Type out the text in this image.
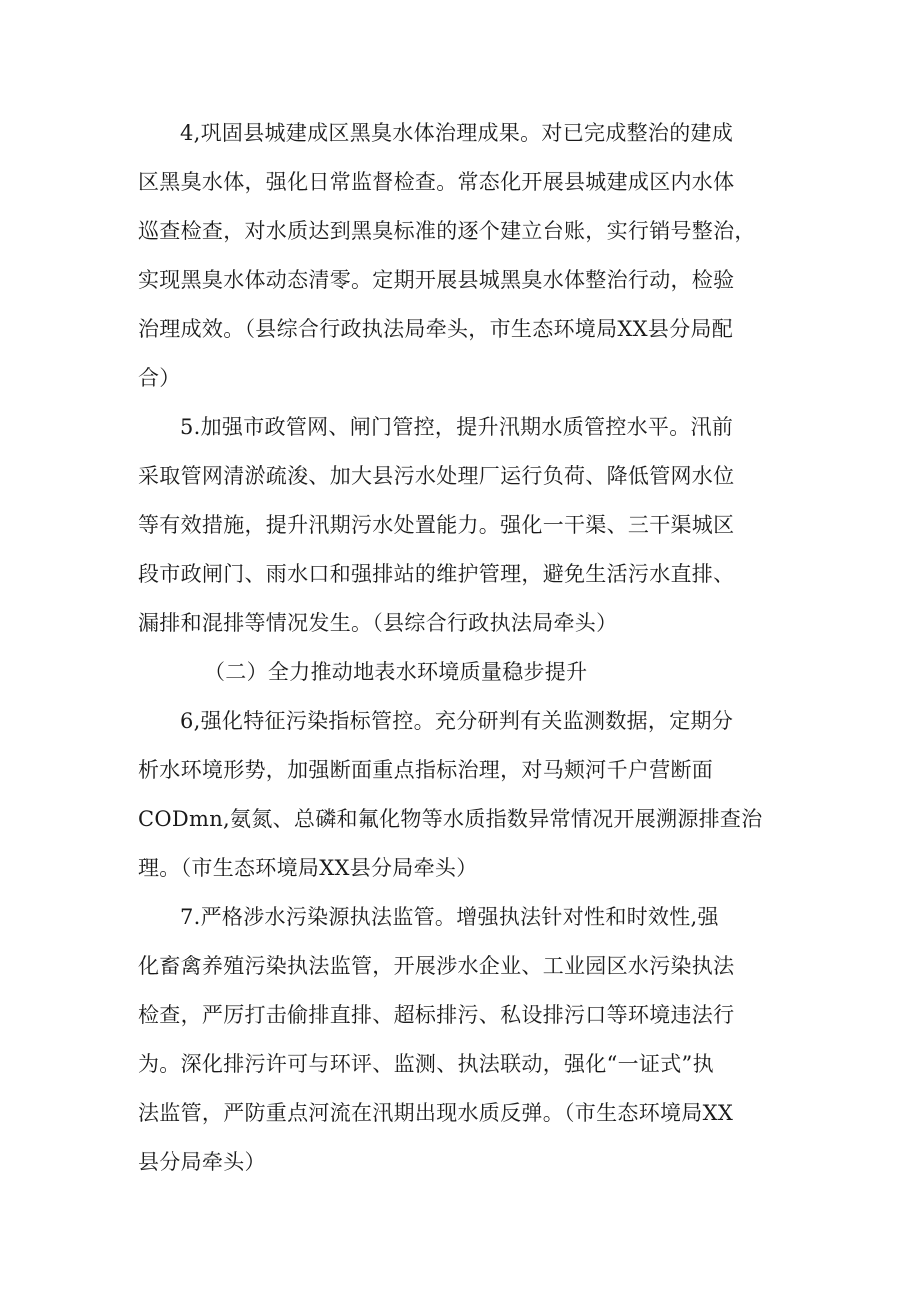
4,巩固县城建成区黑臭水体治理成果。对已完成整治的建成
区黑臭水体，强化日常监督检查。常态化开展县城建成区内水体
巡查检查，对水质达到黑臭标准的逐个建立台账，实行销号整治，
实现黑臭水体动态清零。定期开展县城黑臭水体整治行动，检验
治理成效。（县综合行政执法局牵头，市生态环境局XX县分局配
合）
5.加强市政管网、闸门管控，提升汛期水质管控水平。汛前
采取管网清淤疏浚、加大县污水处理厂运行负荷、降低管网水位
等有效措施，提升汛期污水处置能力。强化一干渠、三干渠城区
段市政闸门、雨水口和强排站的维护管理，避免生活污水直排、
漏排和混排等情况发生。（县综合行政执法局牵头）
（二）全力推动地表水环境质量稳步提升
6,强化特征污染指标管控。充分研判有关监测数据，定期分
析水环境形势，加强断面重点指标治理，对马颊河千户营断面
CODmn,氨氮、总磷和氟化物等水质指数异常情况开展溯源排查治
理。（市生态环境局XX县分局牵头）
7.严格涉水污染源执法监管。增强执法针对性和时效性,强
化畜禽养殖污染执法监管，开展涉水企业、工业园区水污染执法
检查，严厉打击偷排直排、超标排污、私设排污口等环境违法行
为。深化排污许可与环评、监测、执法联动，强化“一证式”执
法监管，严防重点河流在汛期出现水质反弹。（市生态环境局XX
县分局牵头）
